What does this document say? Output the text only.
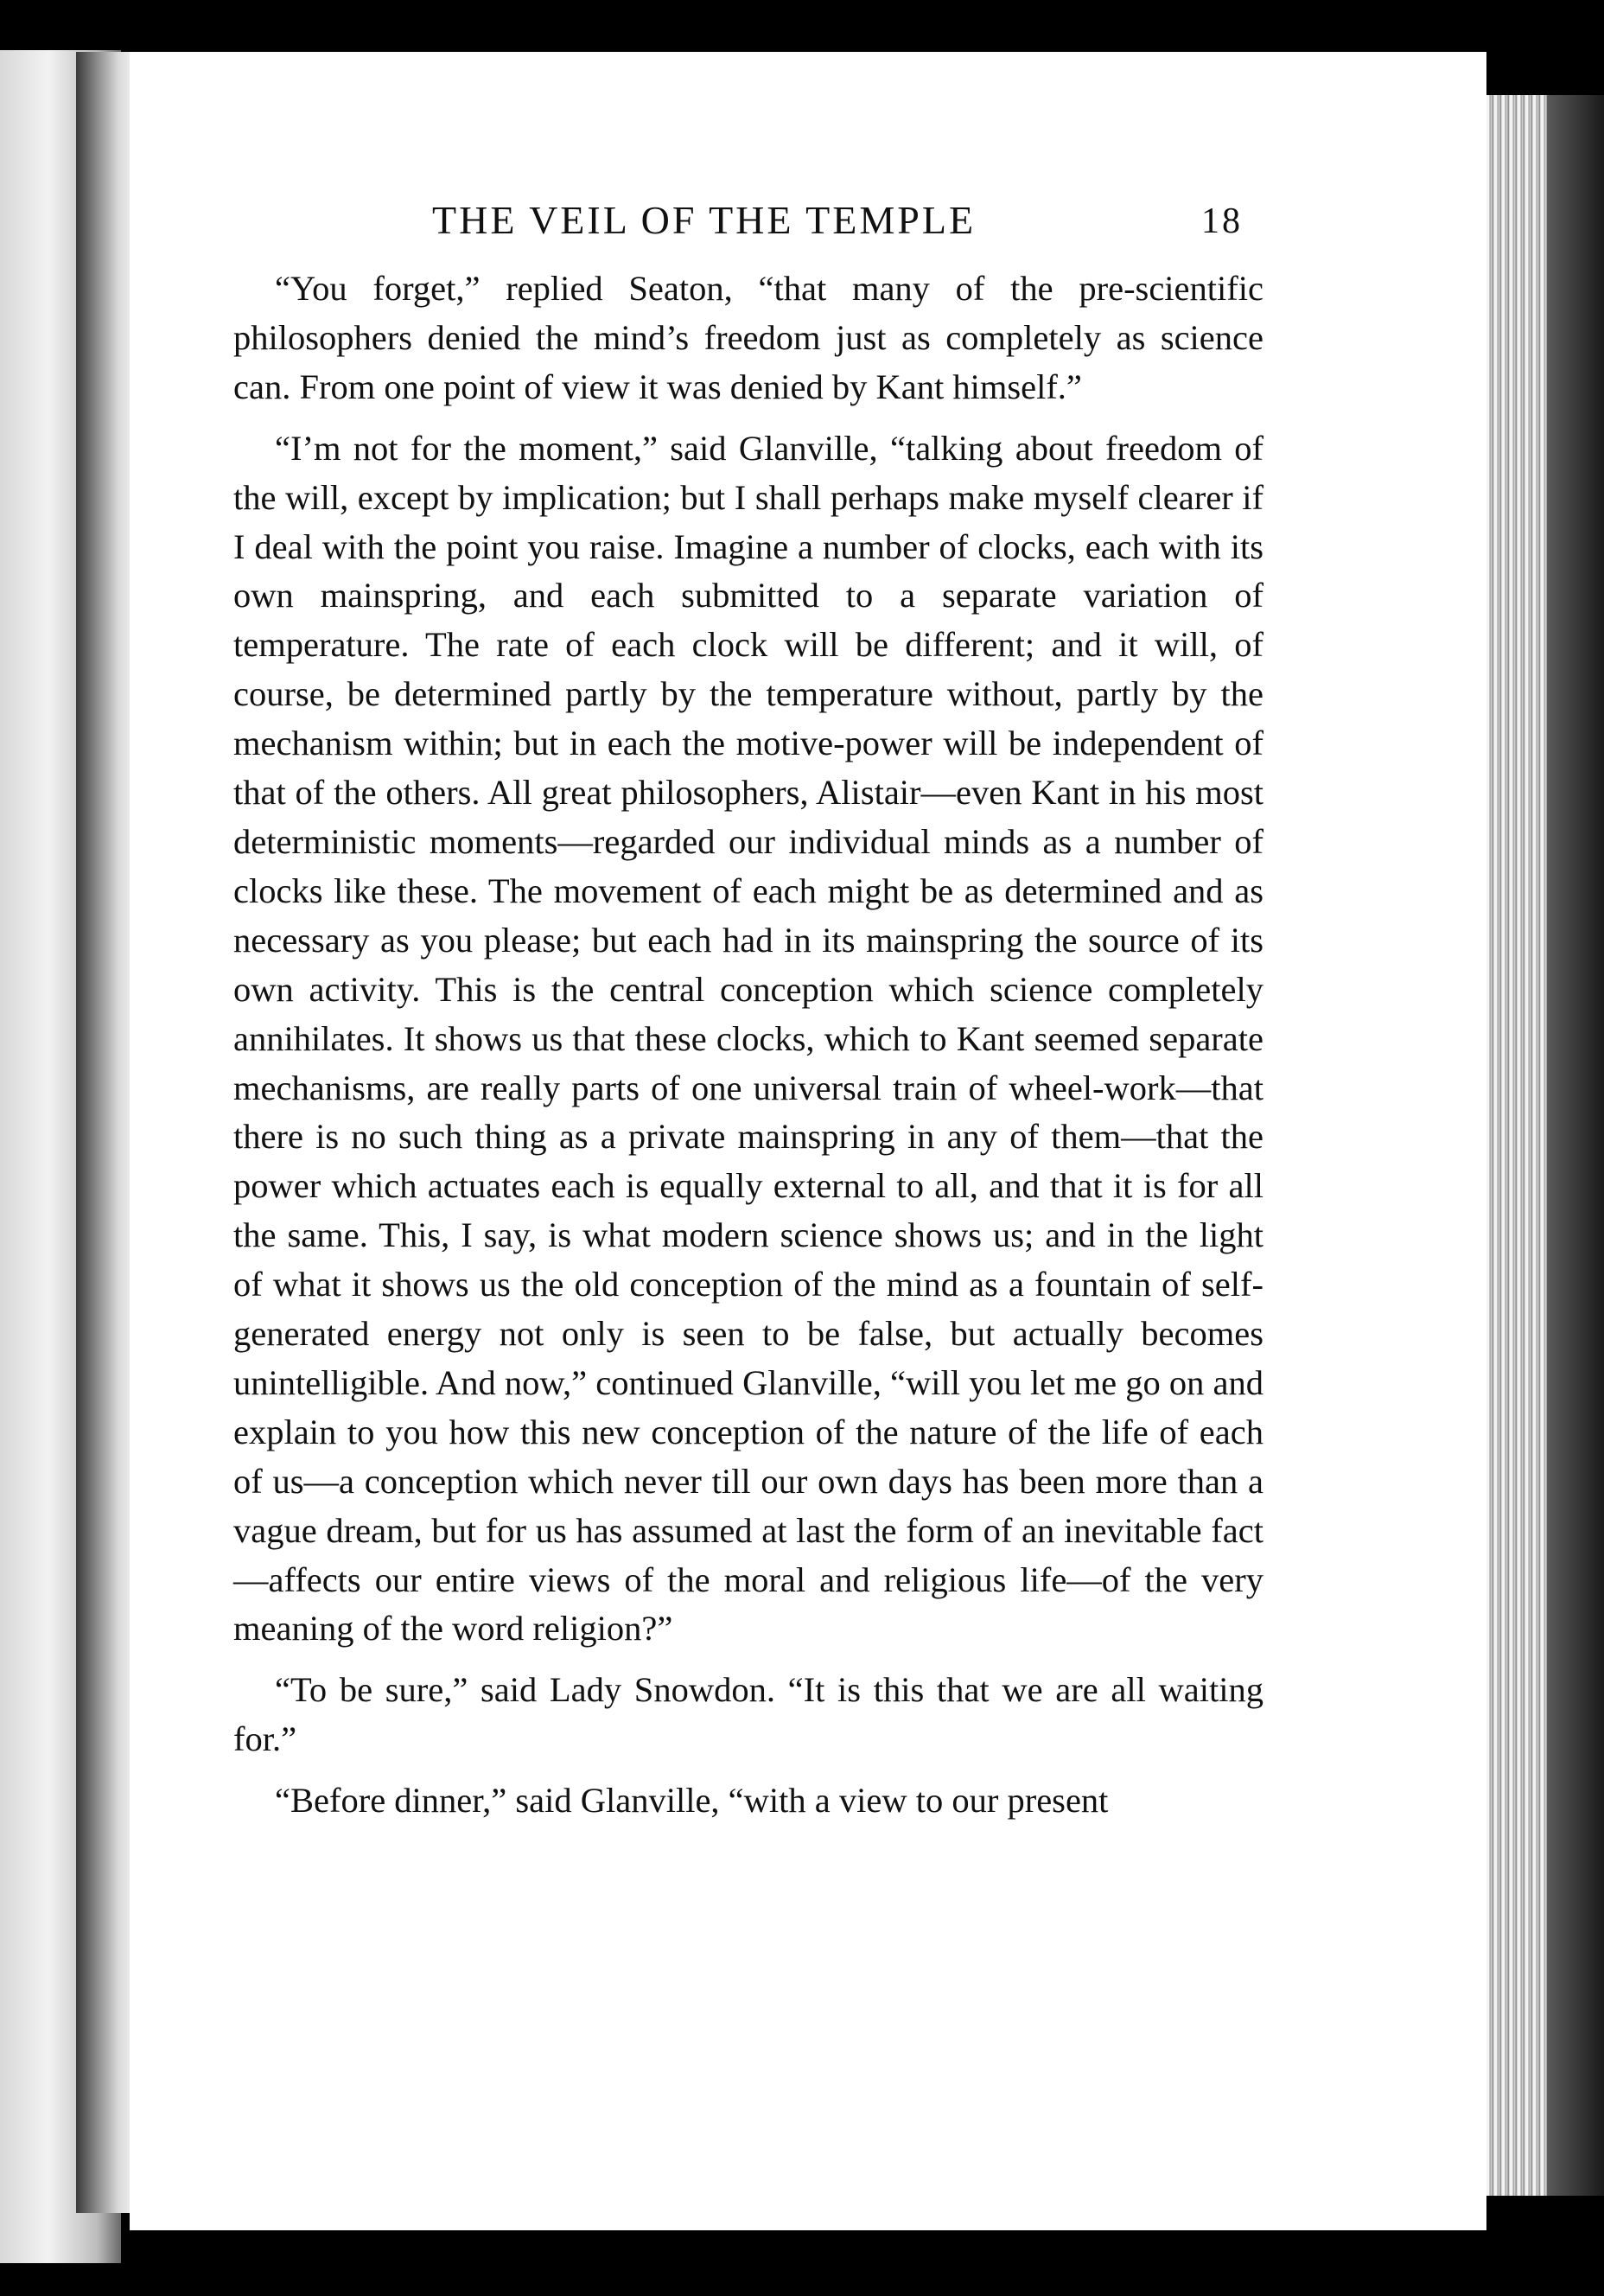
THE VEIL OF THE TEMPLE	18

“You forget,” replied Seaton, “that many of the pre-scientific philosophers denied the mind’s freedom just as completely as science can. From one point of view it was denied by Kant himself.”

“I’m not for the moment,” said Glanville, “talking about freedom of the will, except by implication; but I shall perhaps make myself clearer if I deal with the point you raise. Imagine a number of clocks, each with its own mainspring, and each submitted to a separate variation of temperature. The rate of each clock will be different; and it will, of course, be determined partly by the temperature without, partly by the mechanism within; but in each the motive-power will be independent of that of the others. All great philosophers, Alistair—even Kant in his most deterministic moments—regarded our individual minds as a number of clocks like these. The movement of each might be as determined and as necessary as you please; but each had in its mainspring the source of its own activity. This is the central conception which science completely annihilates. It shows us that these clocks, which to Kant seemed separate mechanisms, are really parts of one universal train of wheel-work—that there is no such thing as a private mainspring in any of them—that the power which actuates each is equally external to all, and that it is for all the same. This, I say, is what modern science shows us; and in the light of what it shows us the old conception of the mind as a fountain of self-generated energy not only is seen to be false, but actually becomes unintelligible. And now,” continued Glanville, “will you let me go on and explain to you how this new conception of the nature of the life of each of us—a conception which never till our own days has been more than a vague dream, but for us has assumed at last the form of an inevitable fact—affects our entire views of the moral and religious life—of the very meaning of the word religion?”

“To be sure,” said Lady Snowdon. “It is this that we are all waiting for.”

“Before dinner,” said Glanville, “with a view to our present
